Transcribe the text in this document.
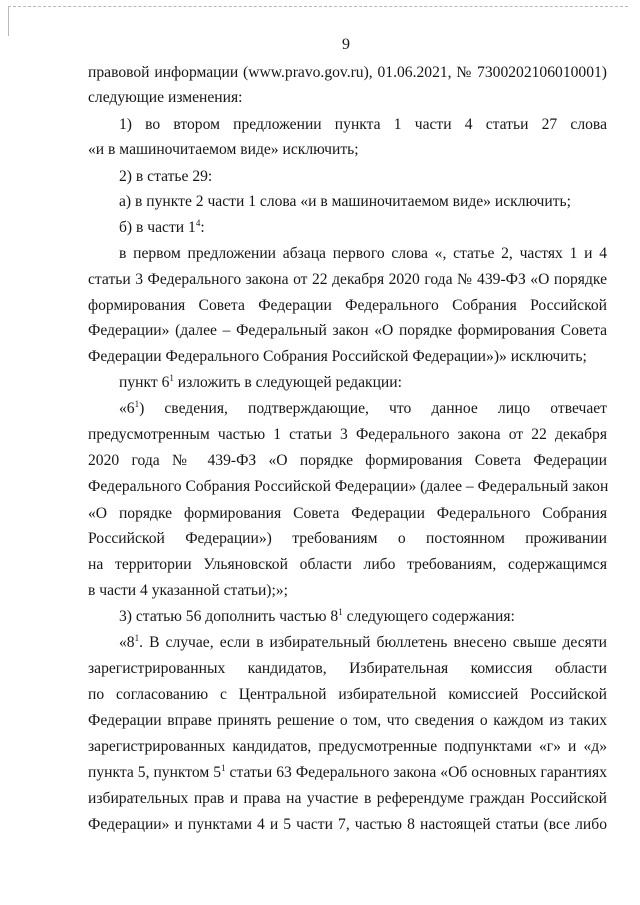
9
правовой информации (www.pravo.gov.ru), 01.06.2021, № 7300202106010001)
следующие изменения:
1) во втором предложении пункта 1 части 4 статьи 27 слова
«и в машиночитаемом виде» исключить;
2) в статье 29:
а) в пункте 2 части 1 слова «и в машиночитаемом виде» исключить;
б) в части $1^4$:
в первом предложении абзаца первого слова «, статье 2, частях 1 и 4
статьи 3 Федерального закона от 22 декабря 2020 года № 439-ФЗ «О порядке
формирования Совета Федерации Федерального Собрания Российской
Федерации» (далее – Федеральный закон «О порядке формирования Совета
Федерации Федерального Собрания Российской Федерации»)» исключить;
пункт $6^1$ изложить в следующей редакции:
«$6^1$) сведения, подтверждающие, что данное лицо отвечает
предусмотренным частью 1 статьи 3 Федерального закона от 22 декабря
2020 года № 439-ФЗ «О порядке формирования Совета Федерации
Федерального Собрания Российской Федерации» (далее – Федеральный закон
«О порядке формирования Совета Федерации Федерального Собрания
Российской Федерации») требованиям о постоянном проживании
на территории Ульяновской области либо требованиям, содержащимся
в части 4 указанной статьи);»;
3) статью 56 дополнить частью $8^1$ следующего содержания:
«$8^1$. В случае, если в избирательный бюллетень внесено свыше десяти
зарегистрированных кандидатов, Избирательная комиссия области
по согласованию с Центральной избирательной комиссией Российской
Федерации вправе принять решение о том, что сведения о каждом из таких
зарегистрированных кандидатов, предусмотренные подпунктами «г» и «д»
пункта 5, пунктом $5^1$ статьи 63 Федерального закона «Об основных гарантиях
избирательных прав и права на участие в референдуме граждан Российской
Федерации» и пунктами 4 и 5 части 7, частью 8 настоящей статьи (все либо
